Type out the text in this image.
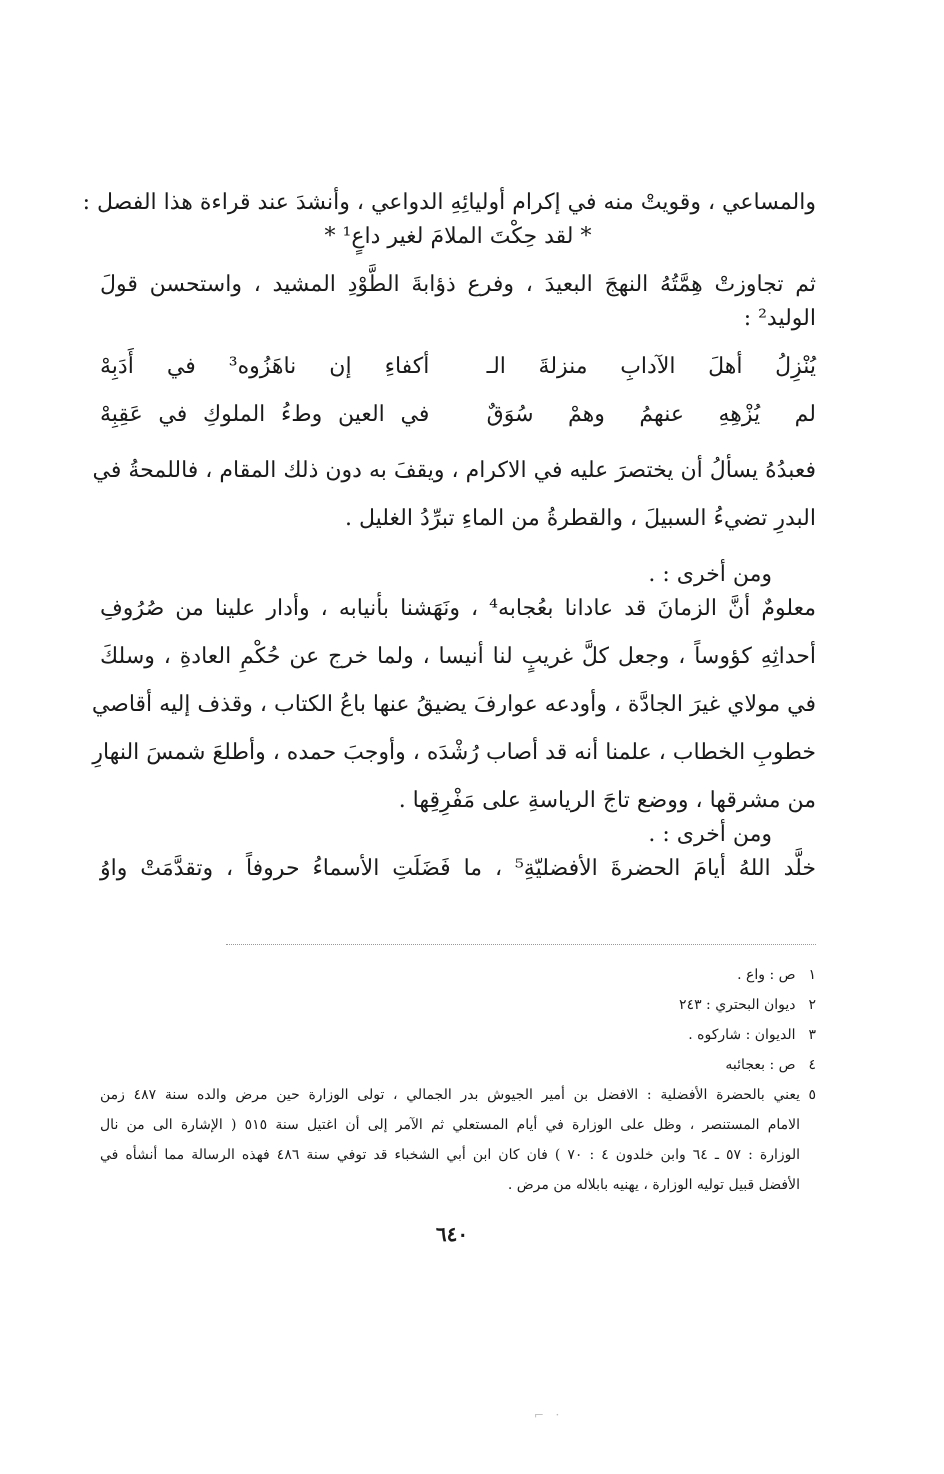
والمساعي ، وقويتْ منه في إكرام أوليائِهِ الدواعي ، وأنشدَ عند قراءة هذا الفصل :
* لقد حِكْتَ الملامَ لغير داعٍ¹ *
ثم تجاوزتْ هِمَّتُهُ النهجَ البعيدَ ، وفرع ذؤابةَ الطَّوْدِ المشيد ، واستحسن قولَ
الوليد² :
يُنْزِلُ أهلَ الآدابِ منزلةَ الـ
أكفاءِ إن ناهَزُوه³ في أَدَبِهْ
لم يُزْهِهِ عنهمُ وهمْ سُوَقٌ
في العين وطءُ الملوكِ في عَقِبِهْ
فعبدُهُ يسألُ أن يختصرَ عليه في الاكرام ، ويقفَ به دون ذلك المقام ، فاللمحةُ في
البدرِ تضيءُ السبيلَ ، والقطرةُ من الماءِ تبرِّدُ الغليل .
ومن أخرى : .
معلومٌ أنَّ الزمانَ قد عادانا بعُجابه⁴ ، ونَهَشنا بأنيابه ، وأدار علينا من صُرُوفِ
أحداثِهِ كؤوساً ، وجعل كلَّ غريبٍ لنا أنيسا ، ولما خرج عن حُكْمِ العادةِ ، وسلكَ
في مولاي غيرَ الجادَّة ، وأودعه عوارفَ يضيقُ عنها باعُ الكتاب ، وقذف إليه أقاصي
خطوبِ الخطاب ، علمنا أنه قد أصاب رُشْدَه ، وأوجبَ حمده ، وأطلعَ شمسَ النهارِ
من مشرقها ، ووضع تاجَ الرياسةِ على مَفْرِقِها .
ومن أخرى : .
خلَّد اللهُ أيامَ الحضرةَ الأفضليّةِ⁵ ، ما فَضَلَتِ الأسماءُ حروفاً ، وتقدَّمَتْ واوُ
١ ص : واع .
٢ ديوان البحتري : ٢٤٣
٣ الديوان : شاركوه .
٤ ص : بعجائبه
٥يعني بالحضرة الأفضلية : الافضل بن أمير الجيوش بدر الجمالي ، تولى الوزارة حين مرض والده سنة ٤٨٧ زمن
الامام المستنصر ، وظل على الوزارة في أيام المستعلي ثم الآمر إلى أن اغتيل سنة ٥١٥ ( الإشارة الى من نال
الوزارة : ٥٧ ـ ٦٤ وابن خلدون ٤ : ٧٠ ) فان كان ابن أبي الشخباء قد توفي سنة ٤٨٦ فهذه الرسالة مما أنشأه في
الأفضل قبيل توليه الوزارة ، يهنيه بابلاله من مرض .
٦٤٠
·   ⌐
